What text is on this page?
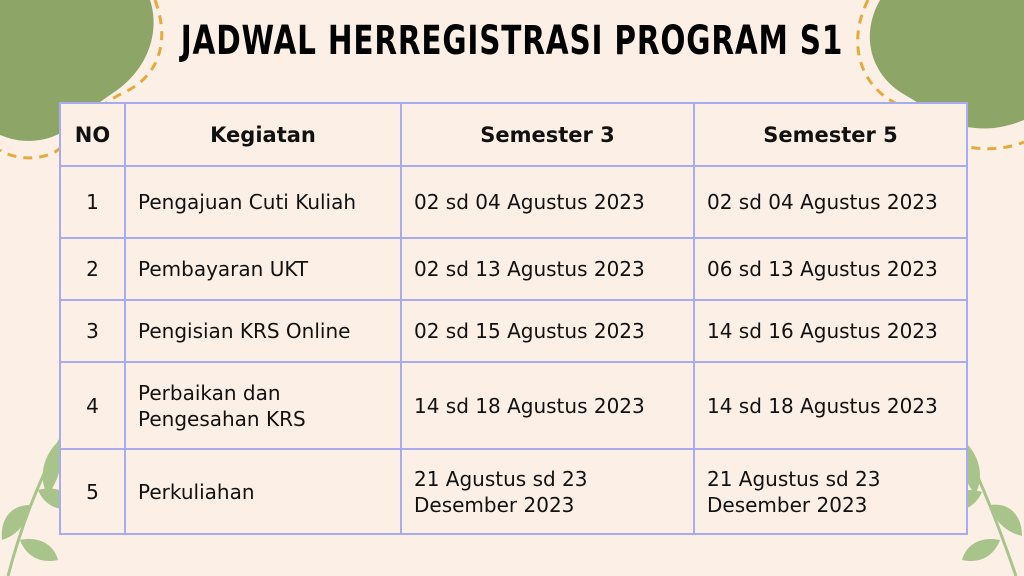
JADWAL HERREGISTRASI PROGRAM S1
NO	Kegiatan	Semester 3	Semester 5
1	Pengajuan Cuti Kuliah	02 sd 04 Agustus 2023	02 sd 04 Agustus 2023
2	Pembayaran UKT	02 sd 13 Agustus 2023	06 sd 13 Agustus 2023
3	Pengisian KRS Online	02 sd 15 Agustus 2023	14 sd 16 Agustus 2023
4	Perbaikan dan Pengesahan KRS	14 sd 18 Agustus 2023	14 sd 18 Agustus 2023
5	Perkuliahan	21 Agustus sd 23 Desember 2023	21 Agustus sd 23 Desember 2023
